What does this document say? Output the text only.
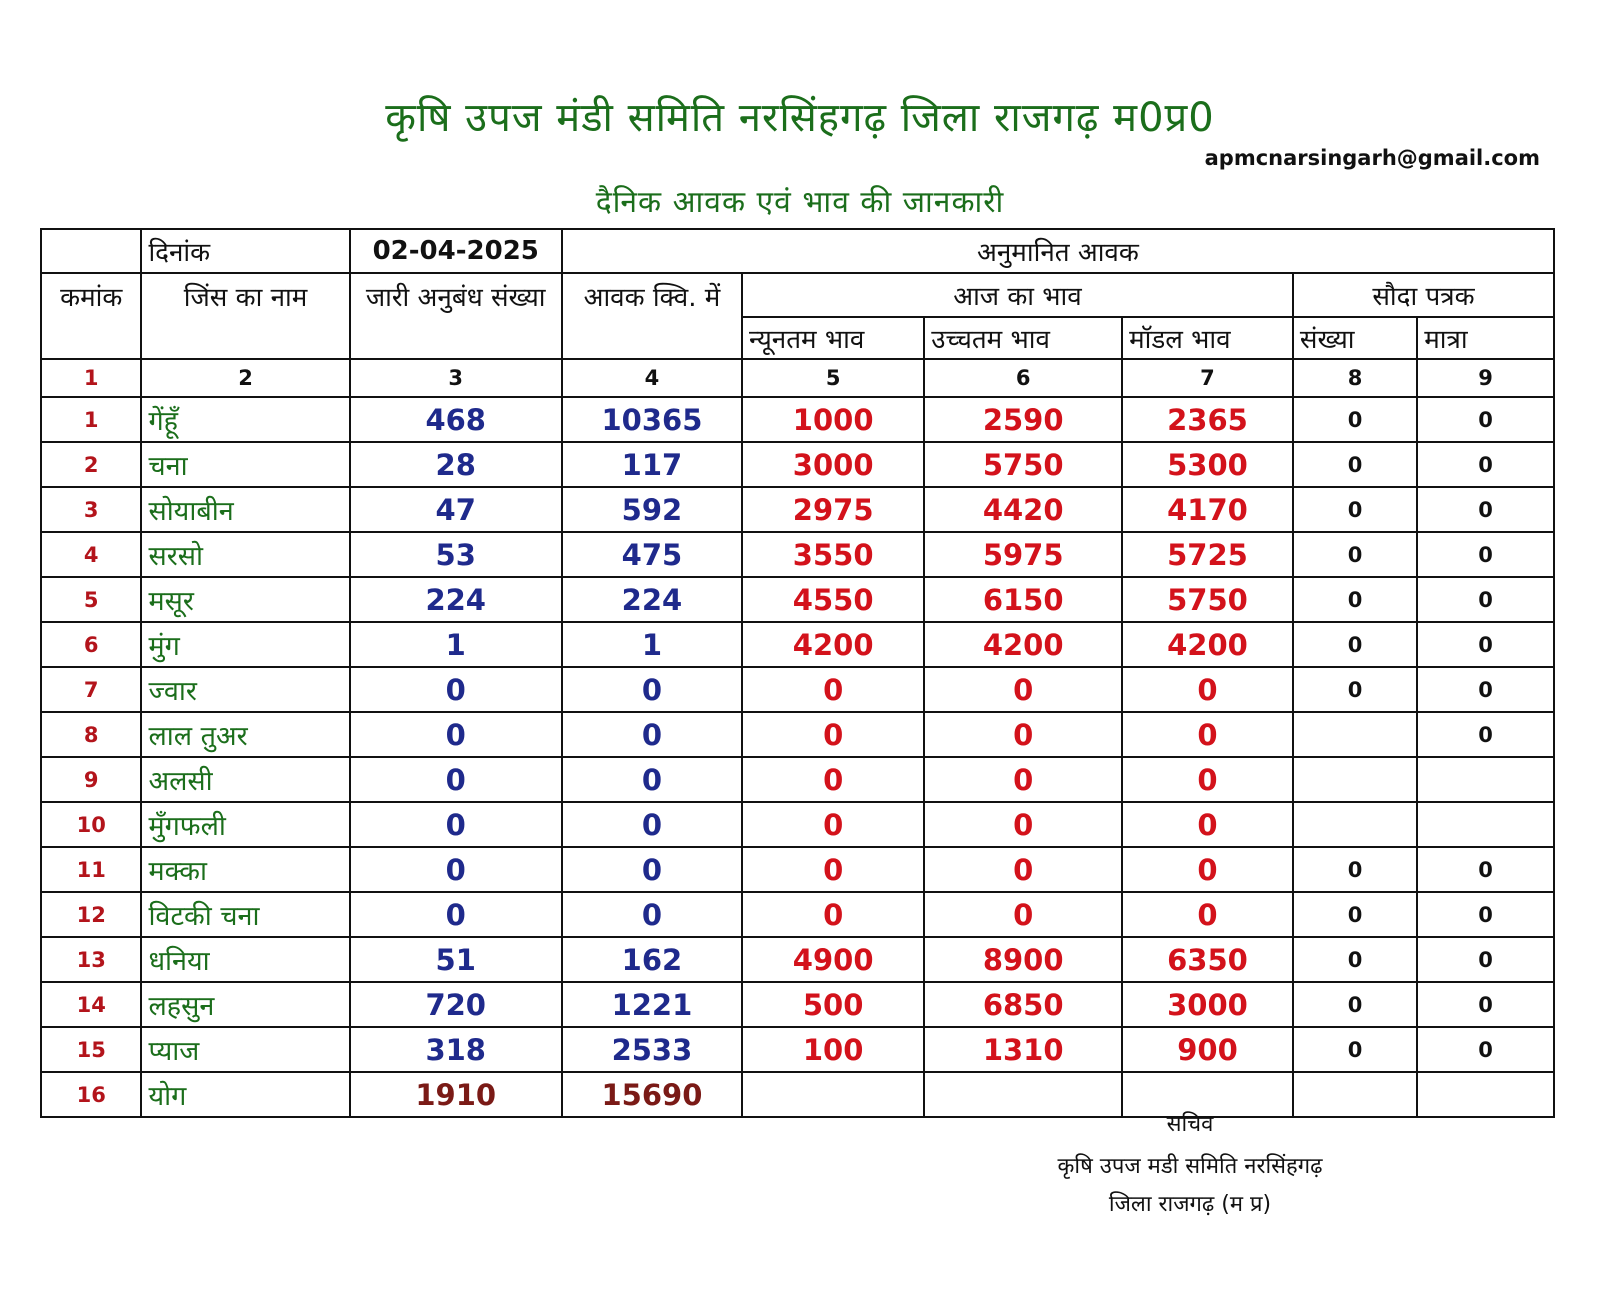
कृषि उपज मंडी समिति नरसिंहगढ़ जिला राजगढ़ म0प्र0
apmcnarsingarh@gmail.com
दैनिक आवक एवं भाव की जानकारी
	दिनांक	02-04-2025	अनुमानित आवक					
कमांक	जिंस का नाम	जारी अनुबंध संख्या	आवक क्वि. में	आज का भाव			सौदा पत्रक	
				न्यूनतम भाव	उच्चतम भाव	मॉडल भाव	संख्या	मात्रा
1	2	3	4	5	6	7	8	9
1	गेंहूँ	468	10365	1000	2590	2365	0	0
2	चना	28	117	3000	5750	5300	0	0
3	सोयाबीन	47	592	2975	4420	4170	0	0
4	सरसो	53	475	3550	5975	5725	0	0
5	मसूर	224	224	4550	6150	5750	0	0
6	मुंग	1	1	4200	4200	4200	0	0
7	ज्वार	0	0	0	0	0	0	0
8	लाल तुअर	0	0	0	0	0		0
9	अलसी	0	0	0	0	0		
10	मुँगफली	0	0	0	0	0		
11	मक्का	0	0	0	0	0	0	0
12	विटकी चना	0	0	0	0	0	0	0
13	धनिया	51	162	4900	8900	6350	0	0
14	लहसुन	720	1221	500	6850	3000	0	0
15	प्याज	318	2533	100	1310	900	0	0
16	योग	1910	15690					
सचिव
कृषि उपज मडी समिति नरसिंहगढ़
जिला राजगढ़ (म प्र)
